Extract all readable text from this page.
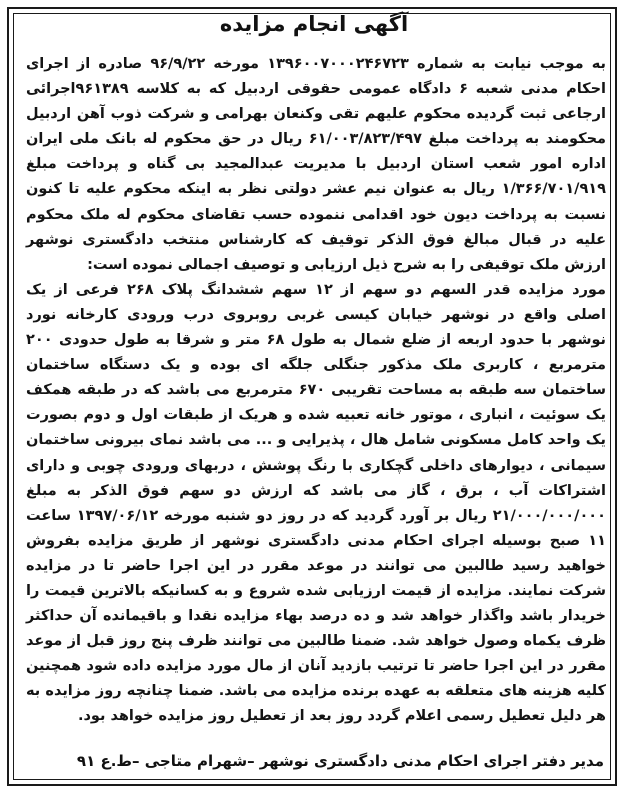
آگهی انجام مزایده

به موجب نیابت به شماره ۱۳۹۶۰۰۷۰۰۰۲۴۶۷۲۳ مورخه ۹۶/۹/۲۲ صادره از اجرای احکام مدنی شعبه ۶ دادگاه عمومی حقوقی اردبیل که به کلاسه ۹۶۱۳۸۹اجرائی ارجاعی ثبت گردیده محکوم علیهم تقی وکنعان بهرامی و شرکت ذوب آهن اردبیل محکومند به پرداخت مبلغ ۶۱/۰۰۳/۸۲۳/۴۹۷ ریال در حق محکوم له بانک ملی ایران اداره امور شعب استان اردبیل با مدیریت عبدالمجید بی گناه و پرداخت مبلغ ۱/۳۶۶/۷۰۱/۹۱۹ ریال به عنوان نیم عشر دولتی نظر به اینکه محکوم علیه تا کنون نسبت به پرداخت دیون خود اقدامی ننموده حسب تقاضای محکوم له ملک محکوم علیه در قبال مبالغ فوق الذکر توقیف که کارشناس منتخب دادگستری نوشهر ارزش ملک توقیفی را به شرح ذیل ارزیابی و توصیف اجمالی نموده است:

مورد مزایده قدر السهم دو سهم از ۱۲ سهم ششدانگ پلاک ۲۶۸ فرعی از یک اصلی واقع در نوشهر خیابان کیسی غربی روبروی درب ورودی کارخانه نورد نوشهر با حدود اربعه از ضلع شمال به طول ۶۸ متر و شرقا به طول حدودی ۲۰۰ مترمربع ، کاربری ملک مذکور جنگلی جلگه ای بوده و یک دستگاه ساختمان ساختمان سه طبقه به مساحت تقریبی ۶۷۰ مترمربع می باشد که در طبقه همکف یک سوئیت ، انباری ، موتور خانه تعبیه شده و هریک از طبقات اول و دوم بصورت یک واحد کامل مسکونی شامل هال ، پذیرایی و ... می باشد نمای بیرونی ساختمان سیمانی ، دیوارهای داخلی گچکاری با رنگ پوشش ، دربهای ورودی چوبی و دارای اشتراکات آب ، برق ، گاز می باشد که ارزش دو سهم فوق الذکر به مبلغ ۲۱/۰۰۰/۰۰۰/۰۰۰ ریال بر آورد گردید که در روز دو شنبه مورخه ۱۳۹۷/۰۶/۱۲ ساعت ۱۱ صبح بوسیله اجرای احکام مدنی دادگستری نوشهر از طریق مزایده بفروش خواهید رسید طالبین می توانند در موعد مقرر در این اجرا حاضر تا در مزایده شرکت نمایند. مزایده از قیمت ارزیابی شده شروع و به کسانیکه بالاترین قیمت را خریدار باشد واگذار خواهد شد و ده درصد بهاء مزایده نقدا و باقیمانده آن حداکثر ظرف یکماه وصول خواهد شد. ضمنا طالبین می توانند ظرف پنج روز قبل از موعد مقرر در این اجرا حاضر تا ترتیب بازدید آنان از مال مورد مزایده داده شود همچنین کلیه هزینه های متعلقه به عهده برنده مزایده می باشد. ضمنا چنانچه روز مزایده به هر دلیل تعطیل رسمی اعلام گردد روز بعد از تعطیل روز مزایده خواهد بود.

مدیر دفتر اجرای احکام مدنی دادگستری نوشهر –شهرام متاجی –ط.ع ۹۱
